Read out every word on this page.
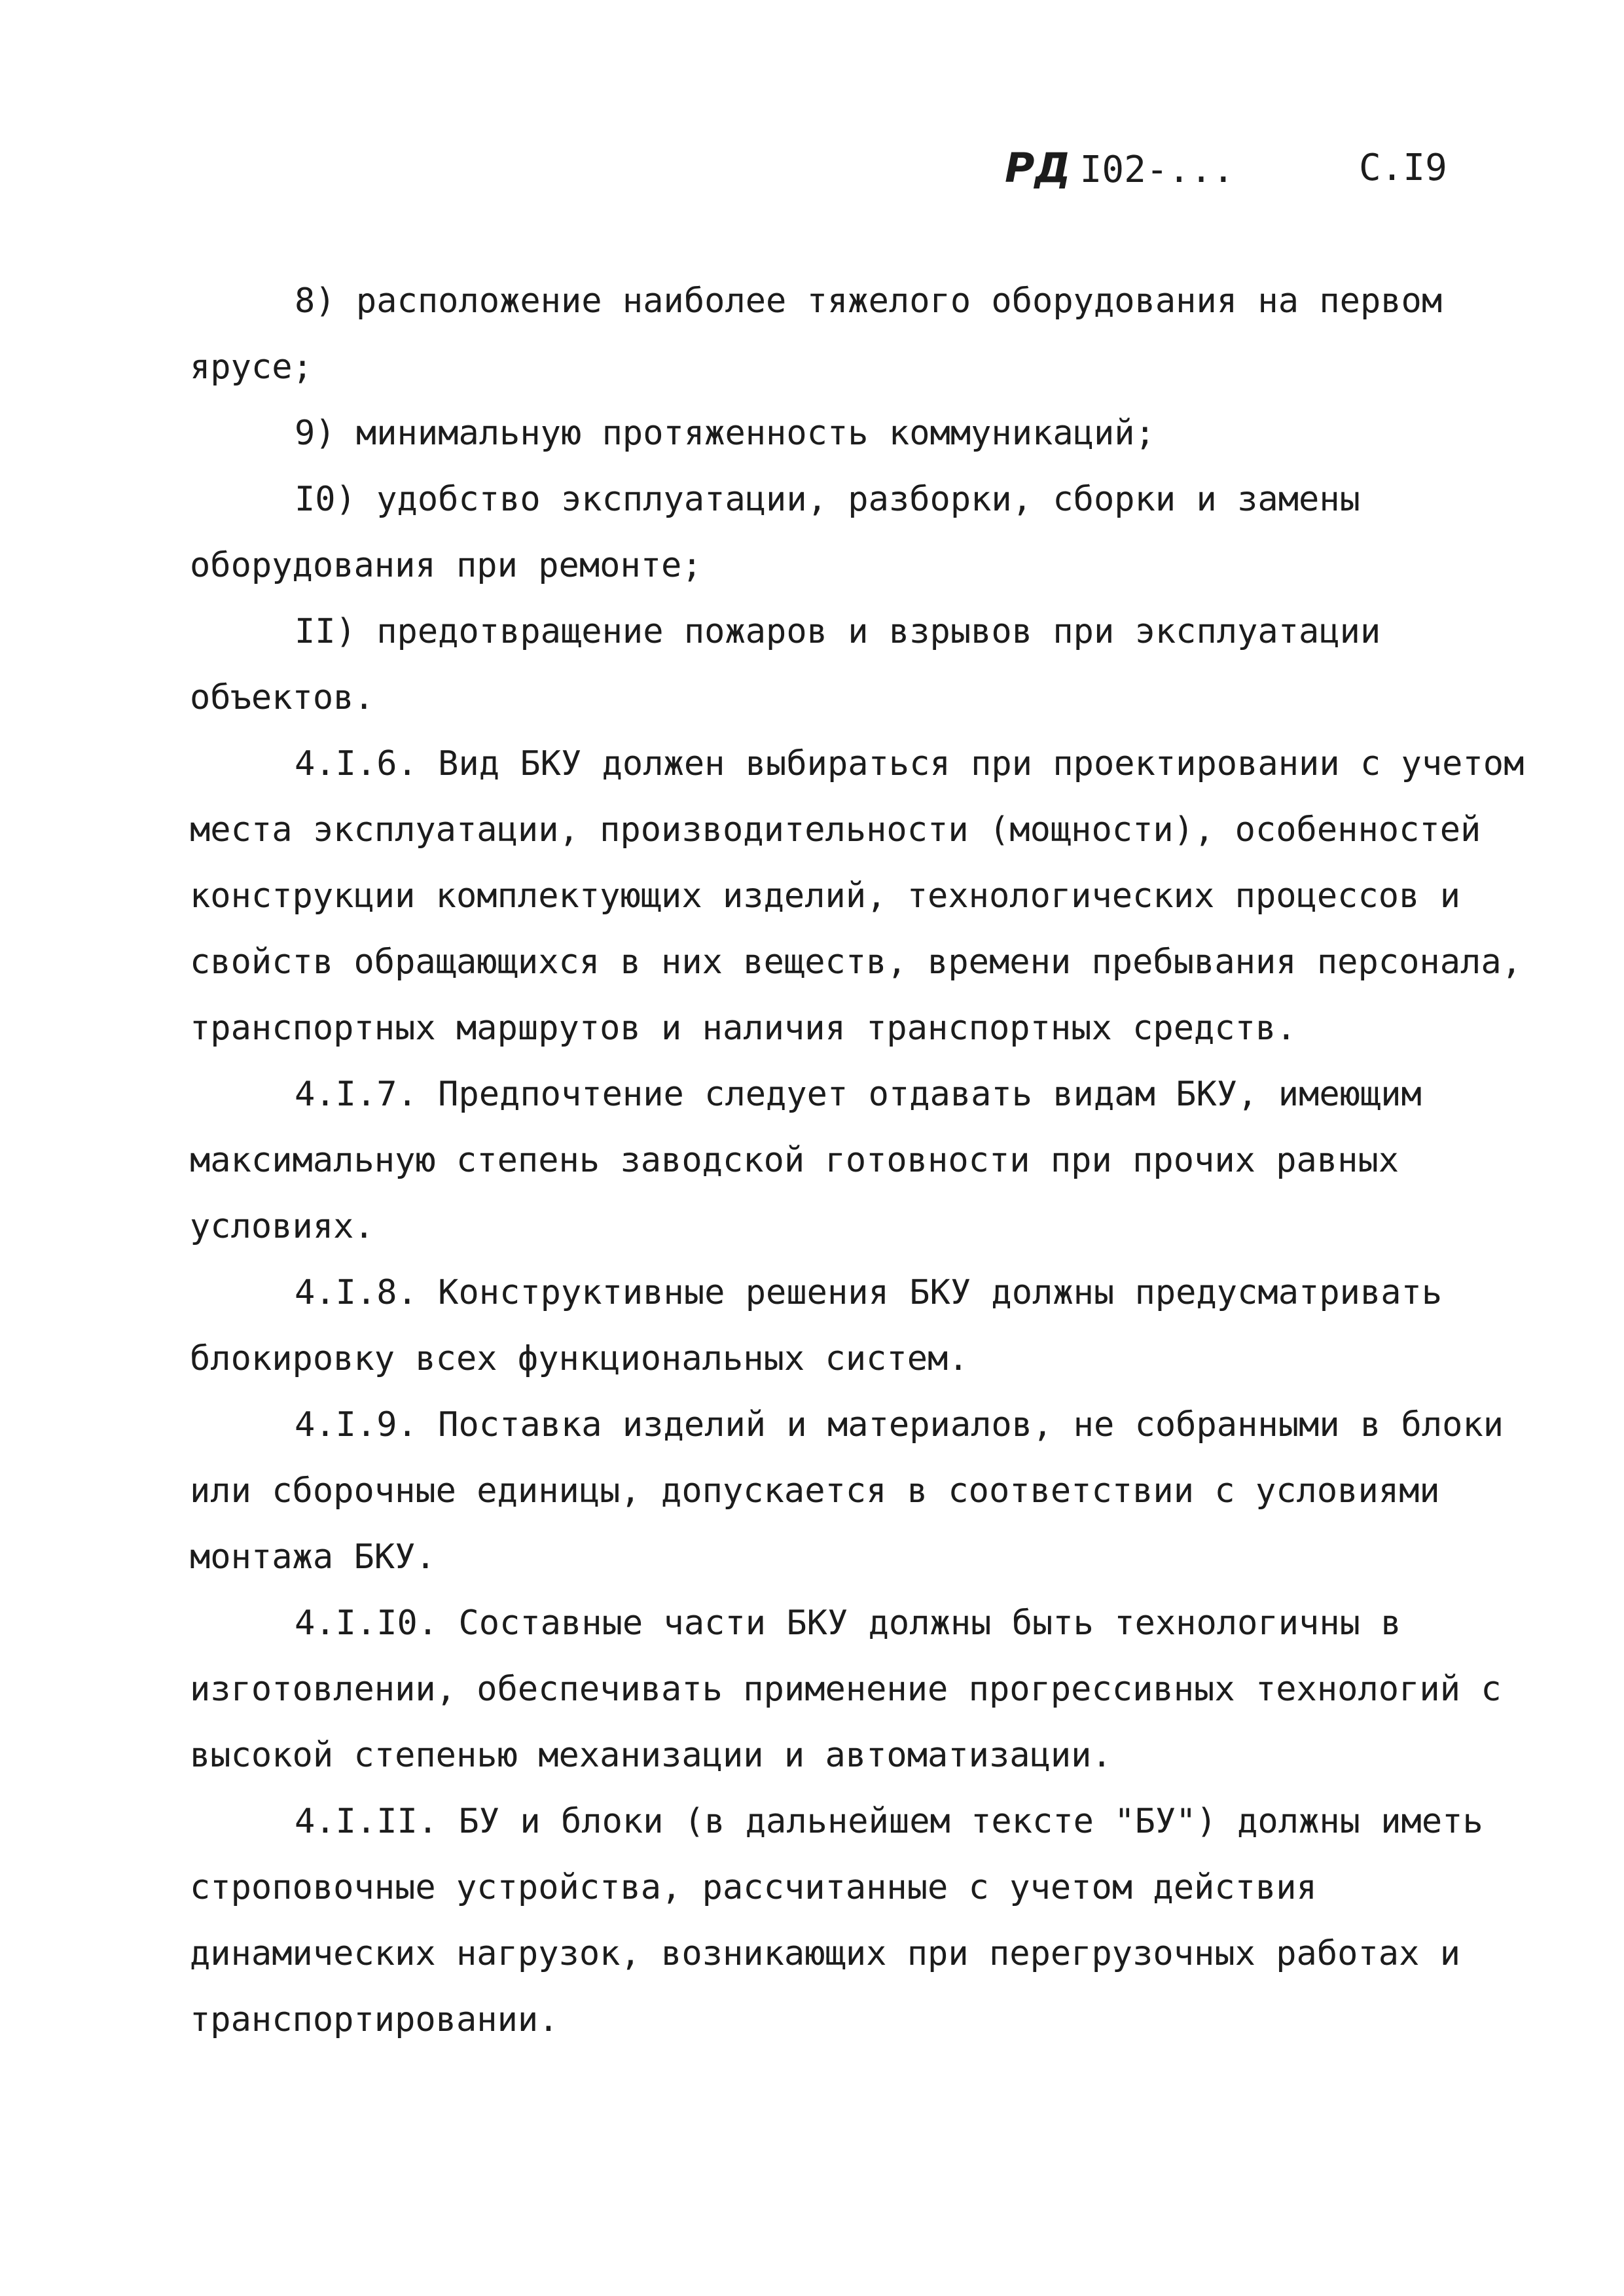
РД I02-...	С.I9

8) расположение наиболее тяжелого оборудования на первом ярусе;

9) минимальную протяженность коммуникаций;

I0) удобство эксплуатации, разборки, сборки и замены оборудования при ремонте;

II) предотвращение пожаров и взрывов при эксплуатации объектов.

4.I.6. Вид БКУ должен выбираться при проектировании с учетом места эксплуатации, производительности (мощности), особенностей конструкции комплектующих изделий, технологических процессов и свойств обращающихся в них веществ, времени пребывания персонала, транспортных маршрутов и наличия транспортных средств.

4.I.7. Предпочтение следует отдавать видам БКУ, имеющим максимальную степень заводской готовности при прочих равных условиях.

4.I.8. Конструктивные решения БКУ должны предусматривать блокировку всех функциональных систем.

4.I.9. Поставка изделий и материалов, не собранными в блоки или сборочные единицы, допускается в соответствии с условиями монтажа БКУ.

4.I.I0. Составные части БКУ должны быть технологичны в изготовлении, обеспечивать применение прогрессивных технологий с высокой степенью механизации и автоматизации.

4.I.II. БУ и блоки (в дальнейшем тексте "БУ") должны иметь строповочные устройства, рассчитанные с учетом действия динамических нагрузок, возникающих при перегрузочных работах и транспортировании.
